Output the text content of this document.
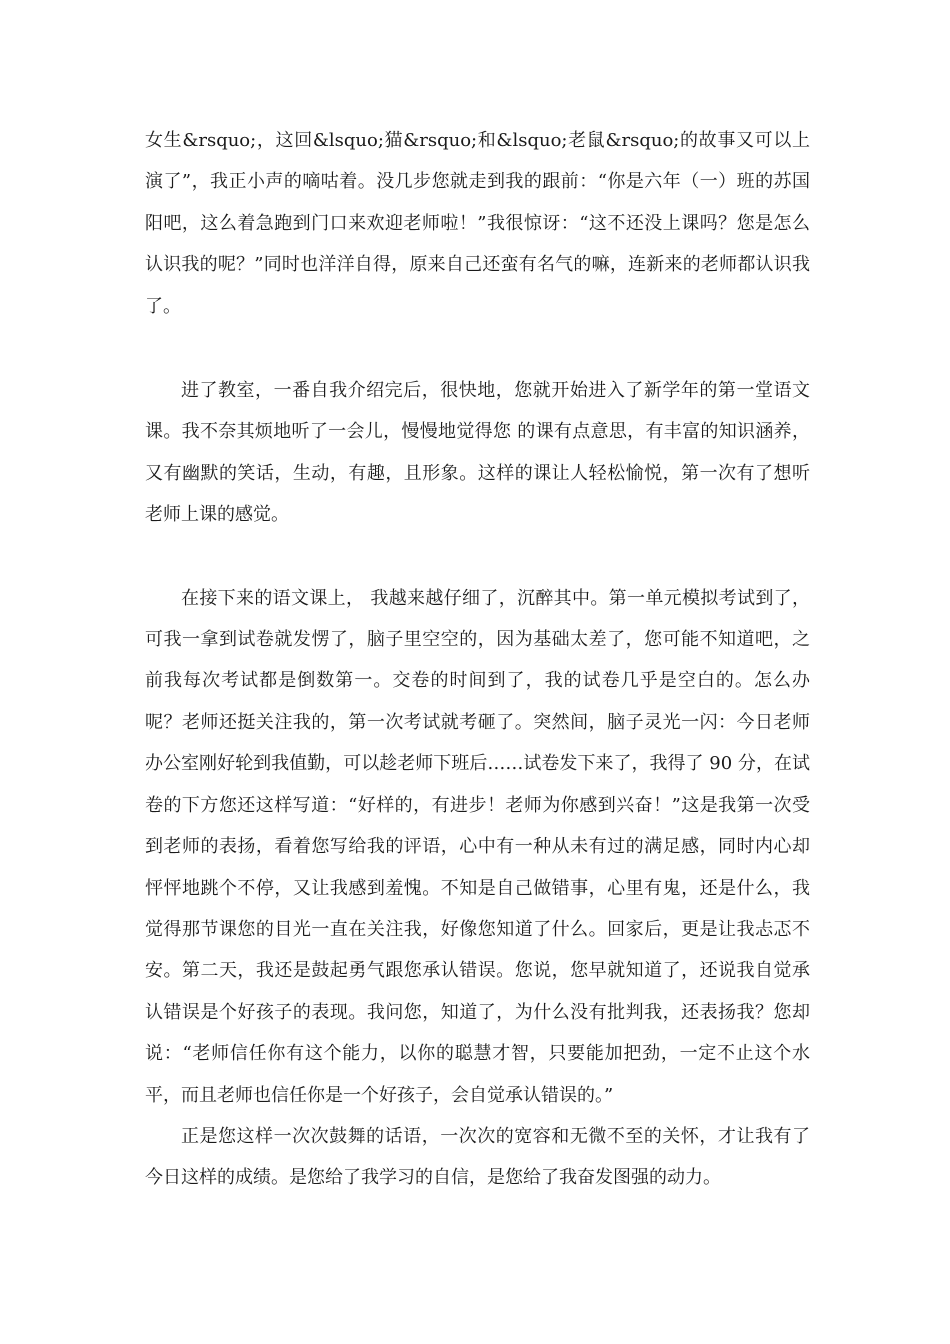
女生&rsquo;，这回&lsquo;猫&rsquo;和&lsquo;老鼠&rsquo;的故事又可以上演了”，我正小声的嘀咕着。没几步您就走到我的跟前：“你是六年（一）班的苏国阳吧，这么着急跑到门口来欢迎老师啦！”我很惊讶：“这不还没上课吗？您是怎么认识我的呢？”同时也洋洋自得，原来自己还蛮有名气的嘛，连新来的老师都认识我了。

进了教室，一番自我介绍完后，很快地，您就开始进入了新学年的第一堂语文课。我不奈其烦地听了一会儿，慢慢地觉得您 的课有点意思，有丰富的知识涵养，又有幽默的笑话，生动，有趣，且形象。这样的课让人轻松愉悦，第一次有了想听老师上课的感觉。

在接下来的语文课上， 我越来越仔细了，沉醉其中。第一单元模拟考试到了，可我一拿到试卷就发愣了，脑子里空空的，因为基础太差了，您可能不知道吧，之前我每次考试都是倒数第一。交卷的时间到了，我的试卷几乎是空白的。怎么办呢？老师还挺关注我的，第一次考试就考砸了。突然间，脑子灵光一闪：今日老师办公室刚好轮到我值勤，可以趁老师下班后……试卷发下来了，我得了 90 分，在试卷的下方您还这样写道：“好样的，有进步！老师为你感到兴奋！”这是我第一次受到老师的表扬，看着您写给我的评语，心中有一种从未有过的满足感，同时内心却怦怦地跳个不停，又让我感到羞愧。不知是自己做错事，心里有鬼，还是什么，我觉得那节课您的目光一直在关注我，好像您知道了什么。回家后，更是让我忐忑不安。第二天，我还是鼓起勇气跟您承认错误。您说，您早就知道了，还说我自觉承认错误是个好孩子的表现。我问您，知道了，为什么没有批判我，还表扬我？您却说：“老师信任你有这个能力，以你的聪慧才智，只要能加把劲，一定不止这个水平，而且老师也信任你是一个好孩子，会自觉承认错误的。”

正是您这样一次次鼓舞的话语，一次次的宽容和无微不至的关怀，才让我有了今日这样的成绩。是您给了我学习的自信，是您给了我奋发图强的动力。
